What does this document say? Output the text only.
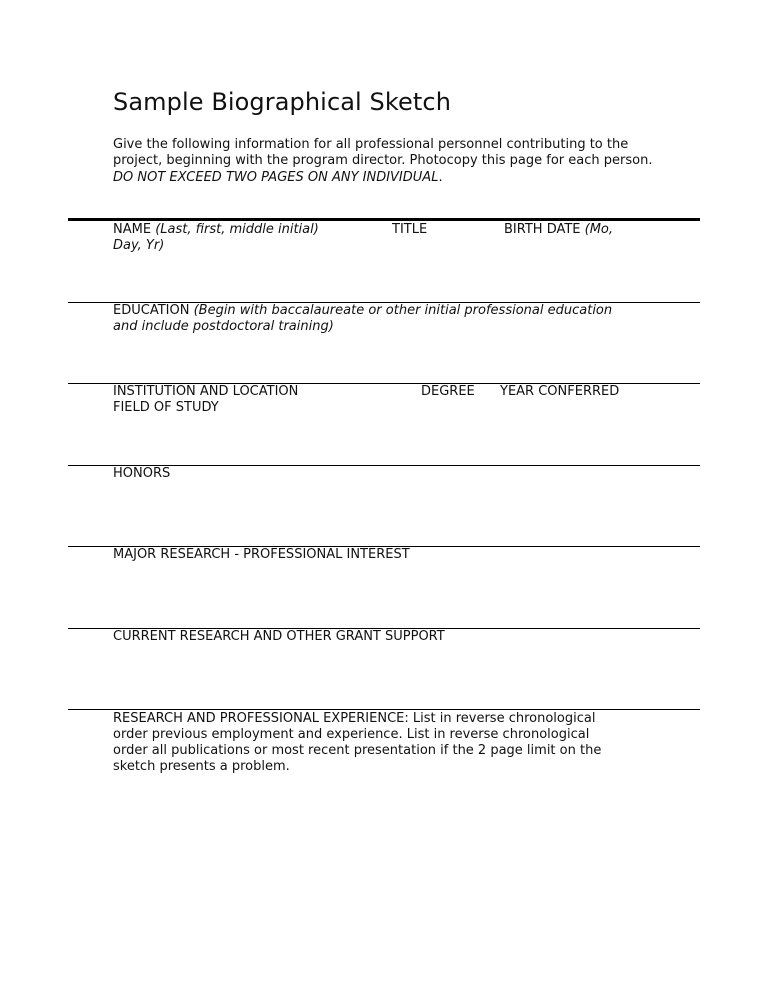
Sample Biographical Sketch
Give the following information for all professional personnel contributing to the project, beginning with the program director. Photocopy this page for each person. DO NOT EXCEED TWO PAGES ON ANY INDIVIDUAL.
NAME (Last, first, middle initial)	TITLE	BIRTH DATE (Mo,
Day, Yr)
EDUCATION (Begin with baccalaureate or other initial professional education
and include postdoctoral training)
INSTITUTION AND LOCATION	DEGREE YEAR CONFERRED
FIELD OF STUDY
HONORS
MAJOR RESEARCH - PROFESSIONAL INTEREST
CURRENT RESEARCH AND OTHER GRANT SUPPORT
RESEARCH AND PROFESSIONAL EXPERIENCE: List in reverse chronological
order previous employment and experience. List in reverse chronological
order all publications or most recent presentation if the 2 page limit on the
sketch presents a problem.
